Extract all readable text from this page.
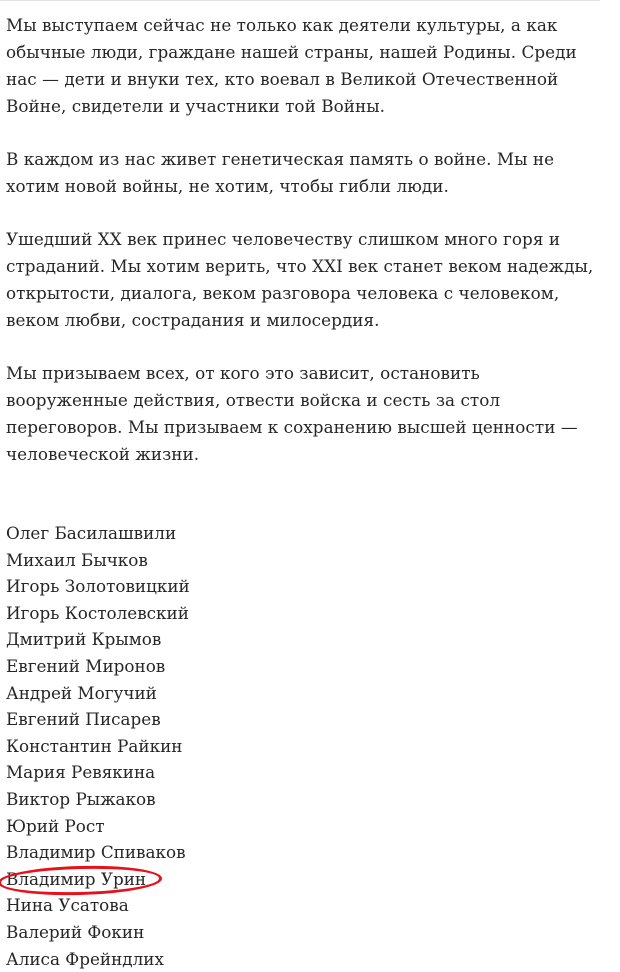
Мы выступаем сейчас не только как деятели культуры, а как
обычные люди, граждане нашей страны, нашей Родины. Среди
нас — дети и внуки тех, кто воевал в Великой Отечественной
Войне, свидетели и участники той Войны.

В каждом из нас живет генетическая память о войне. Мы не
хотим новой войны, не хотим, чтобы гибли люди.

Ушедший XX век принес человечеству слишком много горя и
страданий. Мы хотим верить, что XXI век станет веком надежды,
открытости, диалога, веком разговора человека с человеком,
веком любви, сострадания и милосердия.

Мы призываем всех, от кого это зависит, остановить
вооруженные действия, отвести войска и сесть за стол
переговоров. Мы призываем к сохранению высшей ценности —
человеческой жизни.

Олег Басилашвили
Михаил Бычков
Игорь Золотовицкий
Игорь Костолевский
Дмитрий Крымов
Евгений Миронов
Андрей Могучий
Евгений Писарев
Константин Райкин
Мария Ревякина
Виктор Рыжаков
Юрий Рост
Владимир Спиваков
Владимир Урин
Нина Усатова
Валерий Фокин
Алиса Фрейндлих
